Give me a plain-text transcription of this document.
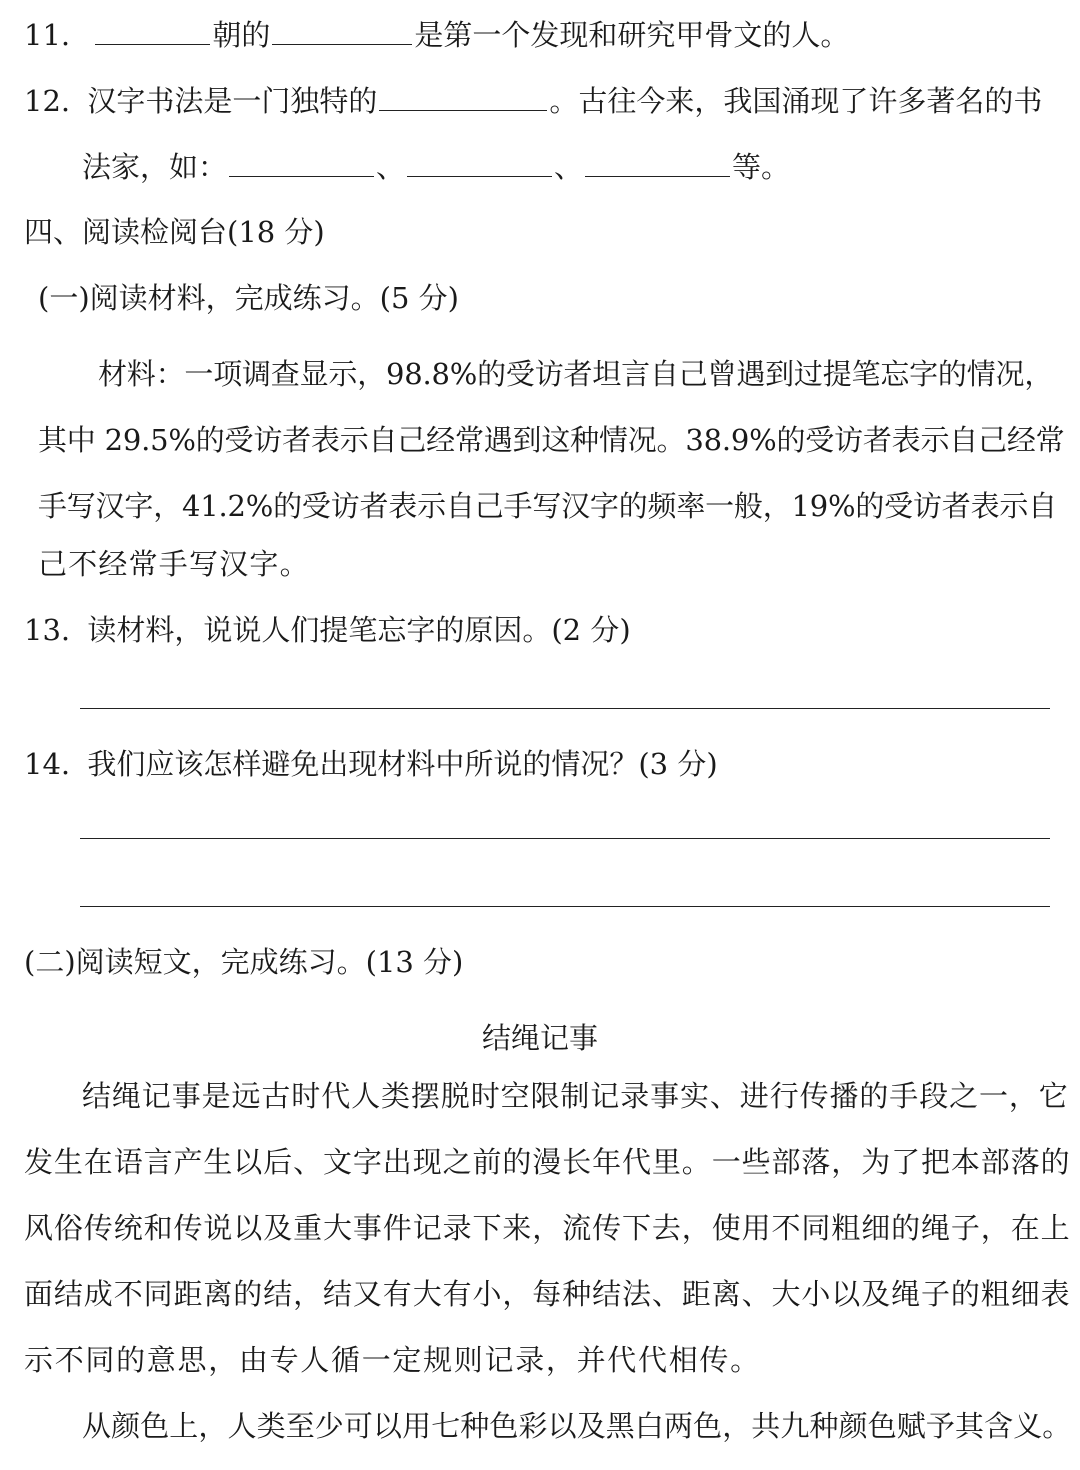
11.	朝的	是第一个发现和研究甲骨文的人。
12. 汉字书法是一门独特的	。古往今来，我国涌现了许多著名的书
法家，如：	、	、	等。
四、阅读检阅台(18 分)
(一)阅读材料，完成练习。(5 分)
材料：一项调查显示，98.8%的受访者坦言自己曾遇到过提笔忘字的情况，
其中 29.5%的受访者表示自己经常遇到这种情况。38.9%的受访者表示自己经常
手写汉字，41.2%的受访者表示自己手写汉字的频率一般，19%的受访者表示自
己不经常手写汉字。
13. 读材料，说说人们提笔忘字的原因。(2 分)
14. 我们应该怎样避免出现材料中所说的情况？(3 分)
(二)阅读短文，完成练习。(13 分)
结绳记事
结绳记事是远古时代人类摆脱时空限制记录事实、进行传播的手段之一，它
发生在语言产生以后、文字出现之前的漫长年代里。一些部落，为了把本部落的
风俗传统和传说以及重大事件记录下来，流传下去，使用不同粗细的绳子，在上
面结成不同距离的结，结又有大有小，每种结法、距离、大小以及绳子的粗细表
示不同的意思，由专人循一定规则记录，并代代相传。
从颜色上，人类至少可以用七种色彩以及黑白两色，共九种颜色赋予其含义。
